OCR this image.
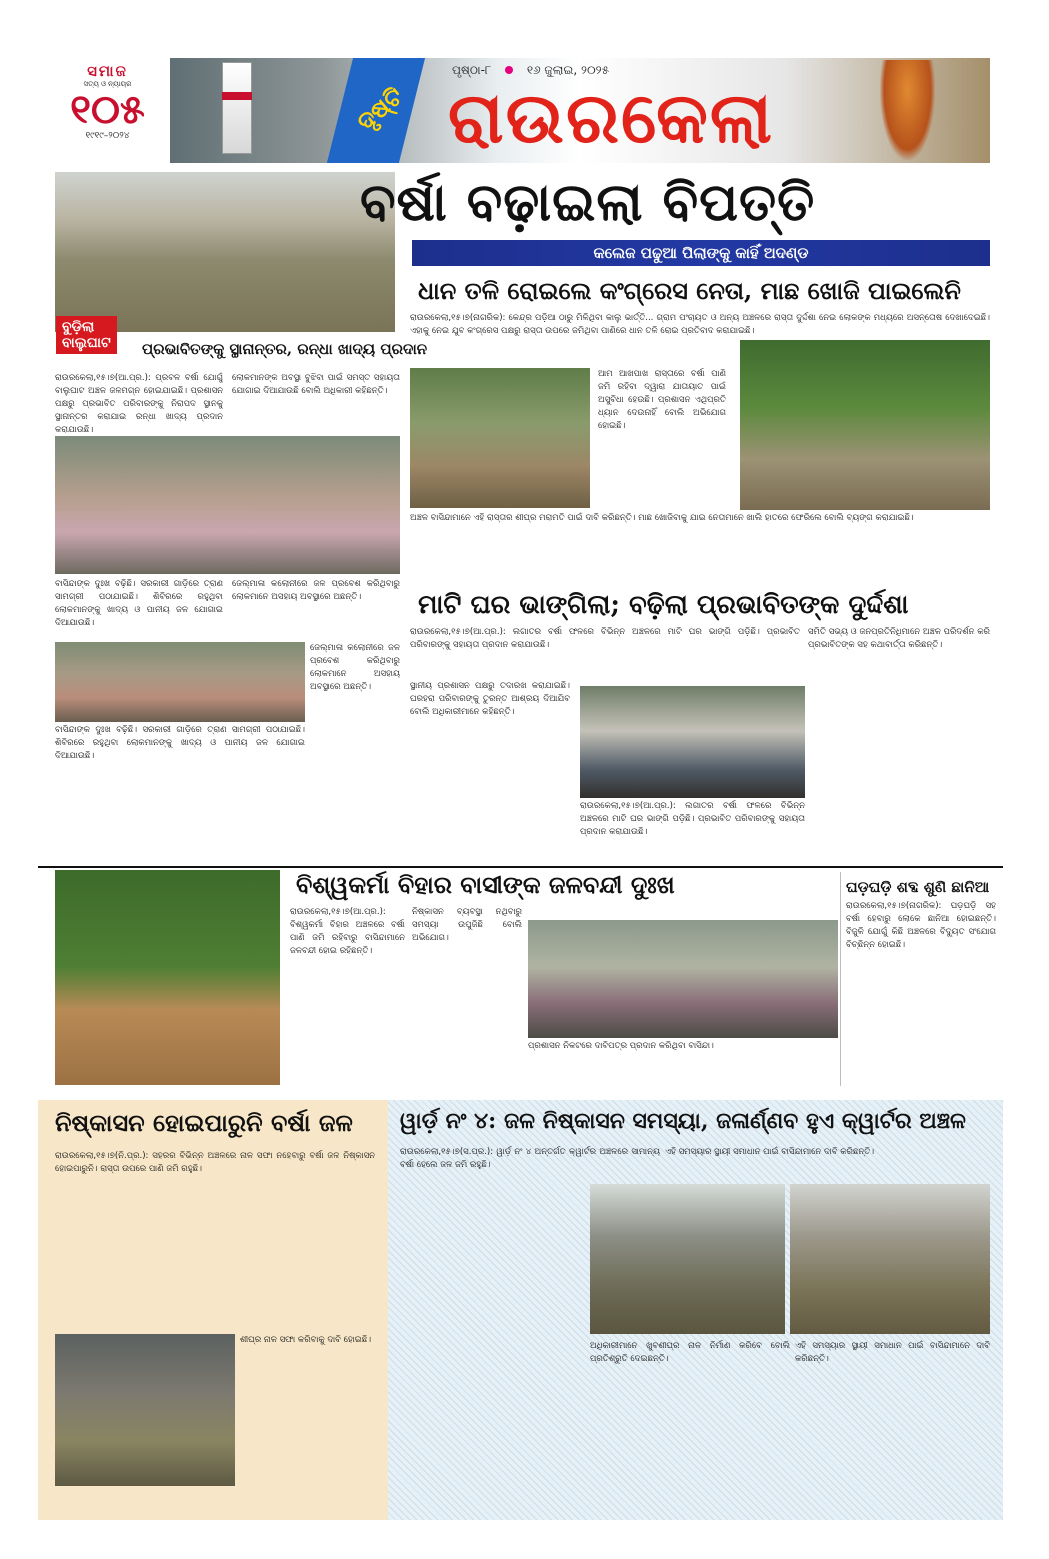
ସମାଜ
ସତ୍ୟ ଓ ନ୍ୟାୟର
୧୦୫
୧୯୧୯–୨୦୨୪	ଦୃଷ୍ଟି
ପୃଷ୍ଠା-୮	୧୬ ଜୁଲାଇ, ୨୦୨୫
ରାଉରକେଲା
ବୁଡ଼ିଲା
ବାଲୁଘାଟ ପ୍ରଭାବିତଙ୍କୁ ସ୍ଥାନାନ୍ତର, ରନ୍ଧା ଖାଦ୍ୟ ପ୍ରଦାନ
ରାଉରକେଲା,୧୫।୭(ଆ.ପ୍ର.): ପ୍ରବଳ ବର୍ଷା ଯୋଗୁଁ ବାଲୁଘାଟ ଅଞ୍ଚଳ ଜଳମଗ୍ନ ହୋଇଯାଇଛି। ପ୍ରଶାସନ ପକ୍ଷରୁ ପ୍ରଭାବିତ ପରିବାରଙ୍କୁ ନିରାପଦ ସ୍ଥାନକୁ ସ୍ଥାନାନ୍ତର କରାଯାଇ ରନ୍ଧା ଖାଦ୍ୟ ପ୍ରଦାନ କରାଯାଉଛି।
ଲୋକମାନଙ୍କ ଅବସ୍ଥା ବୁଝିବା ପାଇଁ ସମସ୍ତ ସହାୟତା ଯୋଗାଇ ଦିଆଯାଉଛି ବୋଲି ଅଧିକାରୀ କହିଛନ୍ତି।
ବାସିନ୍ଦାଙ୍କ ଦୁଃଖ ବଢ଼ିଛି। ସରକାରୀ ଗାଡ଼ିରେ ତ୍ରାଣ ସାମଗ୍ରୀ ପଠାଯାଇଛି। ଶିବିରରେ ରହୁଥିବା ଲୋକମାନଙ୍କୁ ଖାଦ୍ୟ ଓ ପାନୀୟ ଜଳ ଯୋଗାଇ ଦିଆଯାଉଛି।
ଜେଲ୍‌ମାଳା କଲୋନୀରେ ଜଳ ପ୍ରବେଶ କରିଥିବାରୁ ଲୋକମାନେ ଅସହାୟ ଅବସ୍ଥାରେ ଅଛନ୍ତି।
ଜେଲ୍‌ମାଳା କଲୋନୀରେ ଜଳ ପ୍ରବେଶ କରିଥିବାରୁ ଲୋକମାନେ ଅସହାୟ ଅବସ୍ଥାରେ ଅଛନ୍ତି।
ବାସିନ୍ଦାଙ୍କ ଦୁଃଖ ବଢ଼ିଛି। ସରକାରୀ ଗାଡ଼ିରେ ତ୍ରାଣ ସାମଗ୍ରୀ ପଠାଯାଇଛି। ଶିବିରରେ ରହୁଥିବା ଲୋକମାନଙ୍କୁ ଖାଦ୍ୟ ଓ ପାନୀୟ ଜଳ ଯୋଗାଇ ଦିଆଯାଉଛି।
ବର୍ଷା ବଢ଼ାଇଲା ବିପତ୍ତି
କଲେଜ ପଢୁଆ ପିଲାଙ୍କୁ କାହିଁ ଅଦଣ୍ଡ
ଧାନ ତଳି ରୋଇଲେ କଂଗ୍ରେସ ନେତା, ମାଛ ଖୋଜି ପାଇଲେନି
ରାଉରକେଲା,୧୫।୭(ନାଗରିକ): କେନ୍ଦ୍ର ପଡ଼ିଆ ଠାରୁ ମିଳିଥିବା କାଲୁ ଭାର୍ତ୍ତି... ଗ୍ରାମ ପଂଚାୟତ ଓ ଅନ୍ୟ ଅଞ୍ଚଳରେ ରାସ୍ତା ଦୁର୍ଦ୍ଦଶା ନେଇ ଲୋକଙ୍କ ମଧ୍ୟରେ ଅସନ୍ତୋଷ ଦେଖାଦେଇଛି। ଏହାକୁ ନେଇ ଯୁବ କଂଗ୍ରେସ ପକ୍ଷରୁ ରାସ୍ତା ଉପରେ ଜମିଥିବା ପାଣିରେ ଧାନ ତଳି ରୋଇ ପ୍ରତିବାଦ କରାଯାଇଛି।
ଆମ ଆଖପାଖ ରାସ୍ତାରେ ବର୍ଷା ପାଣି ଜମି ରହିବା ଦ୍ୱାରା ଯାତାୟାତ ପାଇଁ ଅସୁବିଧା ହେଉଛି। ପ୍ରଶାସନ ଏଥିପ୍ରତି ଧ୍ୟାନ ଦେଉନାହିଁ ବୋଲି ଅଭିଯୋଗ ହୋଇଛି।
ଅଞ୍ଚଳ ବାସିନ୍ଦାମାନେ ଏହି ରାସ୍ତାର ଶୀଘ୍ର ମରାମତି ପାଇଁ ଦାବି କରିଛନ୍ତି। ମାଛ ଖୋଜିବାକୁ ଯାଇ ନେତାମାନେ ଖାଲି ହାତରେ ଫେରିଲେ ବୋଲି ବ୍ୟଙ୍ଗ କରାଯାଇଛି।
ମାଟି ଘର ଭାଙ୍ଗିଲା; ବଢ଼ିଲା ପ୍ରଭାବିତଙ୍କ ଦୁର୍ଦ୍ଦଶା
ରାଉରକେଲା,୧୫।୭(ଆ.ପ୍ର.): ଲଗାତର ବର୍ଷା ଫଳରେ ବିଭିନ୍ନ ଅଞ୍ଚଳରେ ମାଟି ଘର ଭାଙ୍ଗି ପଡ଼ିଛି। ପ୍ରଭାବିତ ପରିବାରଙ୍କୁ ସହାୟତା ପ୍ରଦାନ କରାଯାଉଛି।
ସମିତି ସଭ୍ୟ ଓ ଜନପ୍ରତିନିଧିମାନେ ଅଞ୍ଚଳ ପରିଦର୍ଶନ କରି ପ୍ରଭାବିତଙ୍କ ସହ କଥାବାର୍ତ୍ତା କରିଛନ୍ତି।
ସ୍ଥାନୀୟ ପ୍ରଶାସନ ପକ୍ଷରୁ ତଦାରଖ କରାଯାଇଛି। ଘରହରା ପରିବାରଙ୍କୁ ତୁରନ୍ତ ଆଶ୍ରୟ ଦିଆଯିବ ବୋଲି ଅଧିକାରୀମାନେ କହିଛନ୍ତି।
ରାଉରକେଲା,୧୫।୭(ଆ.ପ୍ର.): ଲଗାତର ବର୍ଷା ଫଳରେ ବିଭିନ୍ନ ଅଞ୍ଚଳରେ ମାଟି ଘର ଭାଙ୍ଗି ପଡ଼ିଛି। ପ୍ରଭାବିତ ପରିବାରଙ୍କୁ ସହାୟତା ପ୍ରଦାନ କରାଯାଉଛି।
ବିଶ୍ୱକର୍ମା ବିହାର ବାସୀଙ୍କ ଜଳବନ୍ଦୀ ଦୁଃଖ
ରାଉରକେଲା,୧୫।୭(ଆ.ପ୍ର.): ବିଶ୍ୱକର୍ମା ବିହାର ଅଞ୍ଚଳରେ ବର୍ଷା ପାଣି ଜମି ରହିବାରୁ ବାସିନ୍ଦାମାନେ ଜଳବନ୍ଦୀ ହୋଇ ରହିଛନ୍ତି।
ନିଷ୍କାସନ ବ୍ୟବସ୍ଥା ନଥିବାରୁ ସମସ୍ୟା ଉପୁଜିଛି ବୋଲି ଅଭିଯୋଗ।
ପ୍ରଶାସନ ନିକଟରେ ଦାବିପତ୍ର ପ୍ରଦାନ କରିଥିବା ବାସିନ୍ଦା।
ଘଡ଼ଘଡ଼ି ଶବ୍ଦ ଶୁଣି ଛାନିଆ
ରାଉରକେଲା,୧୫।୭(ନାଗରିକ): ଘଡ଼ଘଡ଼ି ସହ ବର୍ଷା ହେବାରୁ ଲୋକେ ଛାନିଆ ହୋଇଛନ୍ତି। ବିଜୁଳି ଯୋଗୁଁ କିଛି ଅଞ୍ଚଳରେ ବିଦ୍ୟୁତ ସଂଯୋଗ ବିଚ୍ଛିନ୍ନ ହୋଇଛି।
ନିଷ୍କାସନ ହୋଇପାରୁନି ବର୍ଷା ଜଳ
ରାଉରକେଲା,୧୫।୭(ନି.ପ୍ର.): ସହରର ବିଭିନ୍ନ ଅଞ୍ଚଳରେ ନାଳ ସଫା ନହେବାରୁ ବର୍ଷା ଜଳ ନିଷ୍କାସନ ହୋଇପାରୁନି। ରାସ୍ତା ଉପରେ ପାଣି ଜମି ରହୁଛି।
ଶୀଘ୍ର ନାଳ ସଫା କରିବାକୁ ଦାବି ହୋଇଛି।
ୱାର୍ଡ଼ ନଂ ୪: ଜଳ ନିଷ୍କାସନ ସମସ୍ୟା, ଜଳାର୍ଣ୍ଣବ ହୁଏ କ୍ୱାର୍ଟର ଅଞ୍ଚଳ
ରାଉରକେଲା,୧୫।୭(ସ.ପ୍ର.): ୱାର୍ଡ଼ ନଂ ୪ ଅନ୍ତର୍ଗତ କ୍ୱାର୍ଟର ଅଞ୍ଚଳରେ ସାମାନ୍ୟ ବର୍ଷା ହେଲେ ଜଳ ଜମି ରହୁଛି।
ଏହି ସମସ୍ୟାର ସ୍ଥାୟୀ ସମାଧାନ ପାଇଁ ବାସିନ୍ଦାମାନେ ଦାବି କରିଛନ୍ତି।
ଅଧିକାରୀମାନେ ଖୁବଶୀଘ୍ର ନାଳ ନିର୍ମାଣ କରିବେ ବୋଲି ପ୍ରତିଶ୍ରୁତି ଦେଇଛନ୍ତି।
ଏହି ସମସ୍ୟାର ସ୍ଥାୟୀ ସମାଧାନ ପାଇଁ ବାସିନ୍ଦାମାନେ ଦାବି କରିଛନ୍ତି।
